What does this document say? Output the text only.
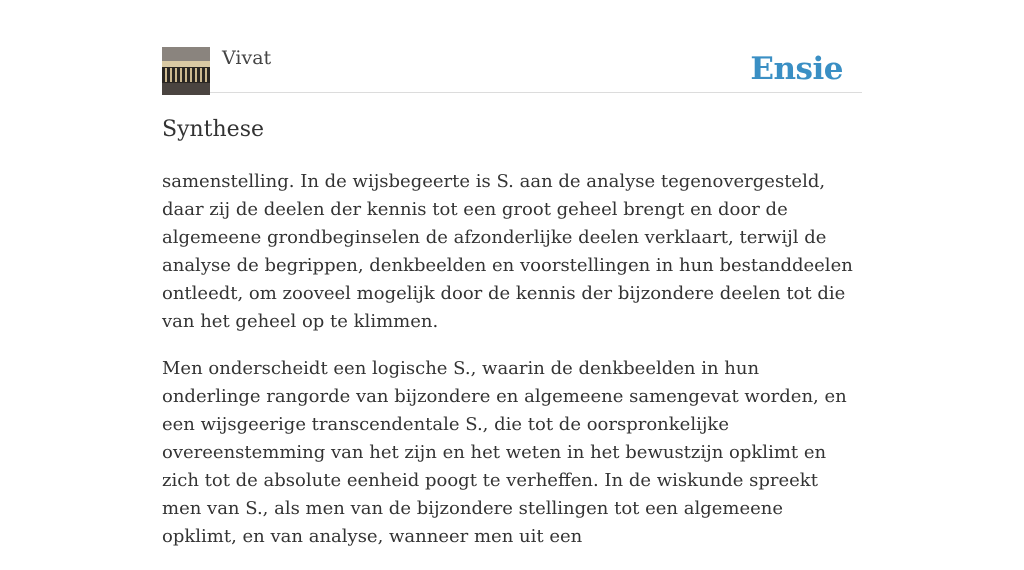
Vivat	Ensie
Synthese

samenstelling. In de wijsbegeerte is S. aan de analyse tegenovergesteld, daar zij de deelen der kennis tot een groot geheel brengt en door de algemeene grondbeginselen de afzonderlijke deelen verklaart, terwijl de analyse de begrippen, denkbeelden en voorstellingen in hun bestanddeelen ontleedt, om zooveel mogelijk door de kennis der bijzondere deelen tot die van het geheel op te klimmen.

Men onderscheidt een logische S., waarin de denkbeelden in hun onderlinge rangorde van bijzondere en algemeene samengevat worden, en een wijsgeerige transcendentale S., die tot de oorspronkelijke overeenstemming van het zijn en het weten in het bewustzijn opklimt en zich tot de absolute eenheid poogt te verheffen. In de wiskunde spreekt men van S., als men van de bijzondere stellingen tot een algemeene opklimt, en van analyse, wanneer men uit een
